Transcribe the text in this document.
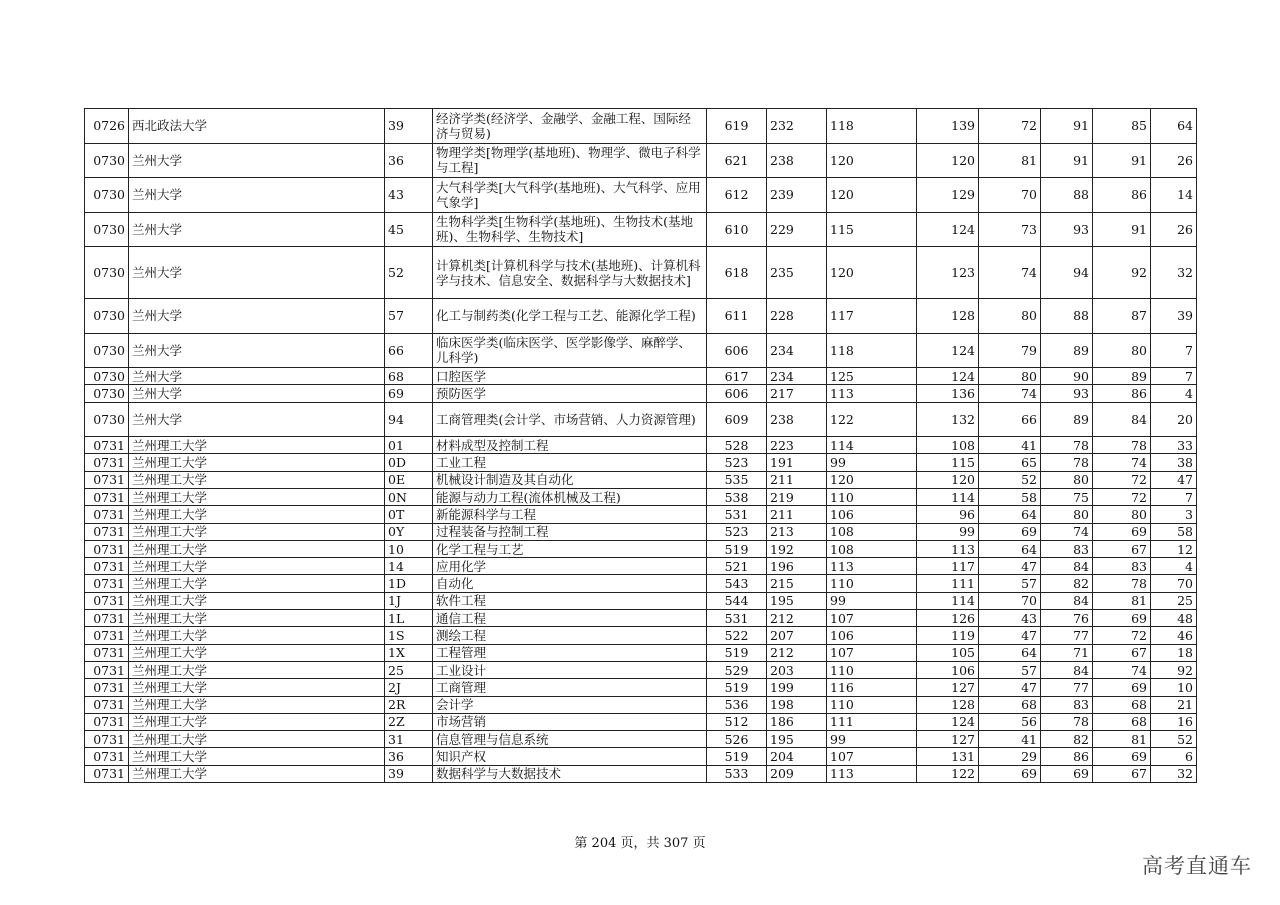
0726	西北政法大学	39	经济学类(经济学、金融学、金融工程、国际经济与贸易)	619	232	118	139	72	91	85	64
0730	兰州大学	36	物理学类[物理学(基地班)、物理学、微电子科学与工程]	621	238	120	120	81	91	91	26
0730	兰州大学	43	大气科学类[大气科学(基地班)、大气科学、应用气象学]	612	239	120	129	70	88	86	14
0730	兰州大学	45	生物科学类[生物科学(基地班)、生物技术(基地班)、生物科学、生物技术]	610	229	115	124	73	93	91	26
0730	兰州大学	52	计算机类[计算机科学与技术(基地班)、计算机科学与技术、信息安全、数据科学与大数据技术]	618	235	120	123	74	94	92	32
0730	兰州大学	57	化工与制药类(化学工程与工艺、能源化学工程)	611	228	117	128	80	88	87	39
0730	兰州大学	66	临床医学类(临床医学、医学影像学、麻醉学、儿科学)	606	234	118	124	79	89	80	7
0730	兰州大学	68	口腔医学	617	234	125	124	80	90	89	7
0730	兰州大学	69	预防医学	606	217	113	136	74	93	86	4
0730	兰州大学	94	工商管理类(会计学、市场营销、人力资源管理)	609	238	122	132	66	89	84	20
0731	兰州理工大学	01	材料成型及控制工程	528	223	114	108	41	78	78	33
0731	兰州理工大学	0D	工业工程	523	191	99	115	65	78	74	38
0731	兰州理工大学	0E	机械设计制造及其自动化	535	211	120	120	52	80	72	47
0731	兰州理工大学	0N	能源与动力工程(流体机械及工程)	538	219	110	114	58	75	72	7
0731	兰州理工大学	0T	新能源科学与工程	531	211	106	96	64	80	80	3
0731	兰州理工大学	0Y	过程装备与控制工程	523	213	108	99	69	74	69	58
0731	兰州理工大学	10	化学工程与工艺	519	192	108	113	64	83	67	12
0731	兰州理工大学	14	应用化学	521	196	113	117	47	84	83	4
0731	兰州理工大学	1D	自动化	543	215	110	111	57	82	78	70
0731	兰州理工大学	1J	软件工程	544	195	99	114	70	84	81	25
0731	兰州理工大学	1L	通信工程	531	212	107	126	43	76	69	48
0731	兰州理工大学	1S	测绘工程	522	207	106	119	47	77	72	46
0731	兰州理工大学	1X	工程管理	519	212	107	105	64	71	67	18
0731	兰州理工大学	25	工业设计	529	203	110	106	57	84	74	92
0731	兰州理工大学	2J	工商管理	519	199	116	127	47	77	69	10
0731	兰州理工大学	2R	会计学	536	198	110	128	68	83	68	21
0731	兰州理工大学	2Z	市场营销	512	186	111	124	56	78	68	16
0731	兰州理工大学	31	信息管理与信息系统	526	195	99	127	41	82	81	52
0731	兰州理工大学	36	知识产权	519	204	107	131	29	86	69	6
0731	兰州理工大学	39	数据科学与大数据技术	533	209	113	122	69	69	67	32
第 204 页，共 307 页
高考直通车
